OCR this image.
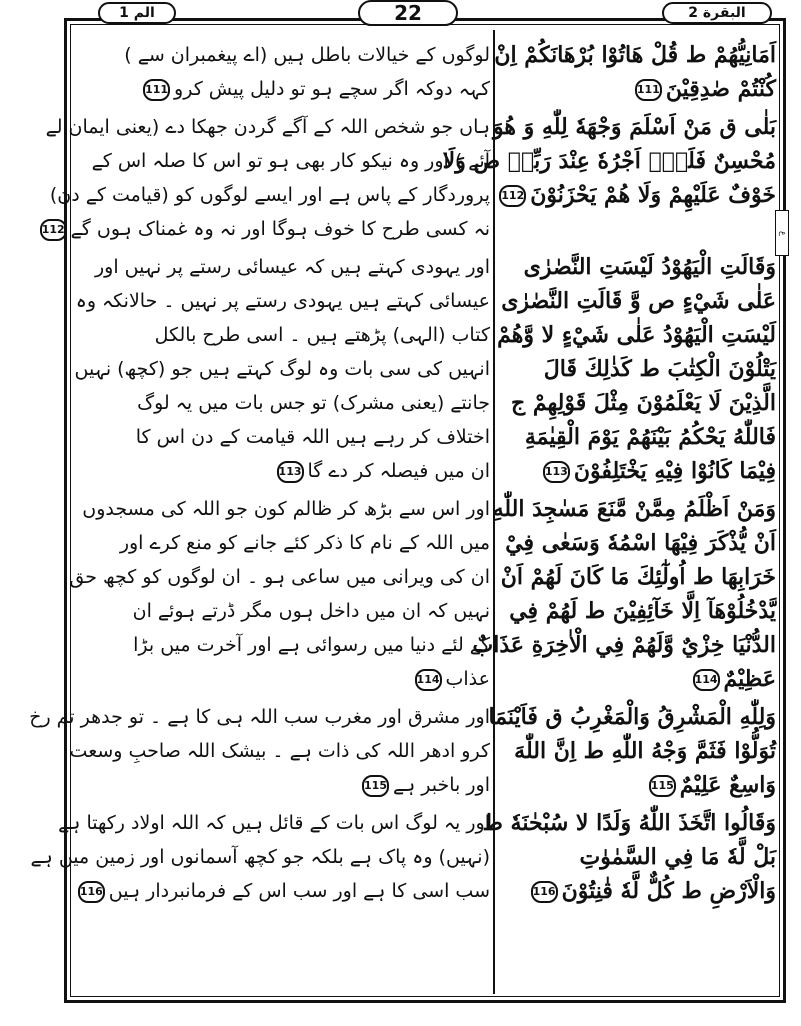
الم 1	22	البقرة 2
ع
لوگوں کے خیالات باطل ہیں (اے پیغمبران سے )
کہہ دوکہ اگر سچے ہو تو دلیل پیش کرو111
ہاں جو شخص اللہ کے آگے گردن جھکا دے (یعنی ایمان لے
آئے ) اور وہ نیکو کار بھی ہو تو اس کا صلہ اس کے
پروردگار کے پاس ہے اور ایسے لوگوں کو (قیامت کے دن)
نہ کسی طرح کا خوف ہوگا اور نہ وہ غمناک ہوں گے112
اور یہودی کہتے ہیں کہ عیسائی رستے پر نہیں اور
عیسائی کہتے ہیں یہودی رستے پر نہیں ۔ حالانکہ وہ
کتاب (الہی) پڑھتے ہیں ۔ اسی طرح بالکل
انہیں کی سی بات وہ لوگ کہتے ہیں جو (کچھ) نہیں
جانتے (یعنی مشرک) تو جس بات میں یہ لوگ
اختلاف کر رہے ہیں اللہ قیامت کے دن اس کا
ان میں فیصلہ کر دے گا113
اور اس سے بڑھ کر ظالم کون جو اللہ کی مسجدوں
میں اللہ کے نام کا ذکر کئے جانے کو منع کرے اور
ان کی ویرانی میں ساعی ہو ۔ ان لوگوں کو کچھ حق
نہیں کہ ان میں داخل ہوں مگر ڈرتے ہوئے ان
کے لئے دنیا میں رسوائی ہے اور آخرت میں بڑا
عذاب114
اور مشرق اور مغرب سب اللہ ہی کا ہے ۔ تو جدھر تم رخ
کرو ادھر اللہ کی ذات ہے ۔ بیشک اللہ صاحبِ وسعت
اور باخبر ہے115
اور یہ لوگ اس بات کے قائل ہیں کہ اللہ اولاد رکھتا ہے
(نہیں) وہ پاک ہے بلکہ جو کچھ آسمانوں اور زمین میں ہے
سب اسی کا ہے اور سب اس کے فرمانبردار ہیں116
اَمَانِيُّهُمْ ط قُلْ هَاتُوْا بُرْهَانَكُمْ اِنْ
كُنْتُمْ صٰدِقِيْنَ111
بَلٰى ق مَنْ اَسْلَمَ وَجْهَهٗ لِلّٰهِ وَ هُوَ
مُحْسِنٌ فَلَهٗۤ اَجْرُهٗ عِنْدَ رَبِّهٖ ص وَلَا
خَوْفٌ عَلَيْهِمْ وَلَا هُمْ يَحْزَنُوْنَ112
وَقَالَتِ الْيَهُوْدُ لَيْسَتِ النَّصٰرٰى
عَلٰى شَيْءٍ ص وَّ قَالَتِ النَّصٰرٰى
لَيْسَتِ الْيَهُوْدُ عَلٰى شَيْءٍ لا وَّهُمْ
يَتْلُوْنَ الْكِتٰبَ ط كَذٰلِكَ قَالَ
الَّذِيْنَ لَا يَعْلَمُوْنَ مِثْلَ قَوْلِهِمْ ج
فَاللّٰهُ يَحْكُمُ بَيْنَهُمْ يَوْمَ الْقِيٰمَةِ
فِيْمَا كَانُوْا فِيْهِ يَخْتَلِفُوْنَ113
وَمَنْ اَظْلَمُ مِمَّنْ مَّنَعَ مَسٰجِدَ اللّٰهِ
اَنْ يُّذْكَرَ فِيْهَا اسْمُهٗ وَسَعٰى فِيْ
خَرَابِهَا ط اُولٰٓئِكَ مَا كَانَ لَهُمْ اَنْ
يَّدْخُلُوْهَآ اِلَّا خَآئِفِيْنَ ط لَهُمْ فِي
الدُّنْيَا خِزْيٌ وَّلَهُمْ فِي الْاٰخِرَةِ عَذَابٌ
عَظِيْمٌ114
وَلِلّٰهِ الْمَشْرِقُ وَالْمَغْرِبُ ق فَاَيْنَمَا
تُوَلُّوْا فَثَمَّ وَجْهُ اللّٰهِ ط اِنَّ اللّٰهَ
وَاسِعٌ عَلِيْمٌ115
وَقَالُوا اتَّخَذَ اللّٰهُ وَلَدًا لا سُبْحٰنَهٗ ط
بَلْ لَّهٗ مَا فِي السَّمٰوٰتِ
وَالْاَرْضِ ط كُلٌّ لَّهٗ قٰنِتُوْنَ116
